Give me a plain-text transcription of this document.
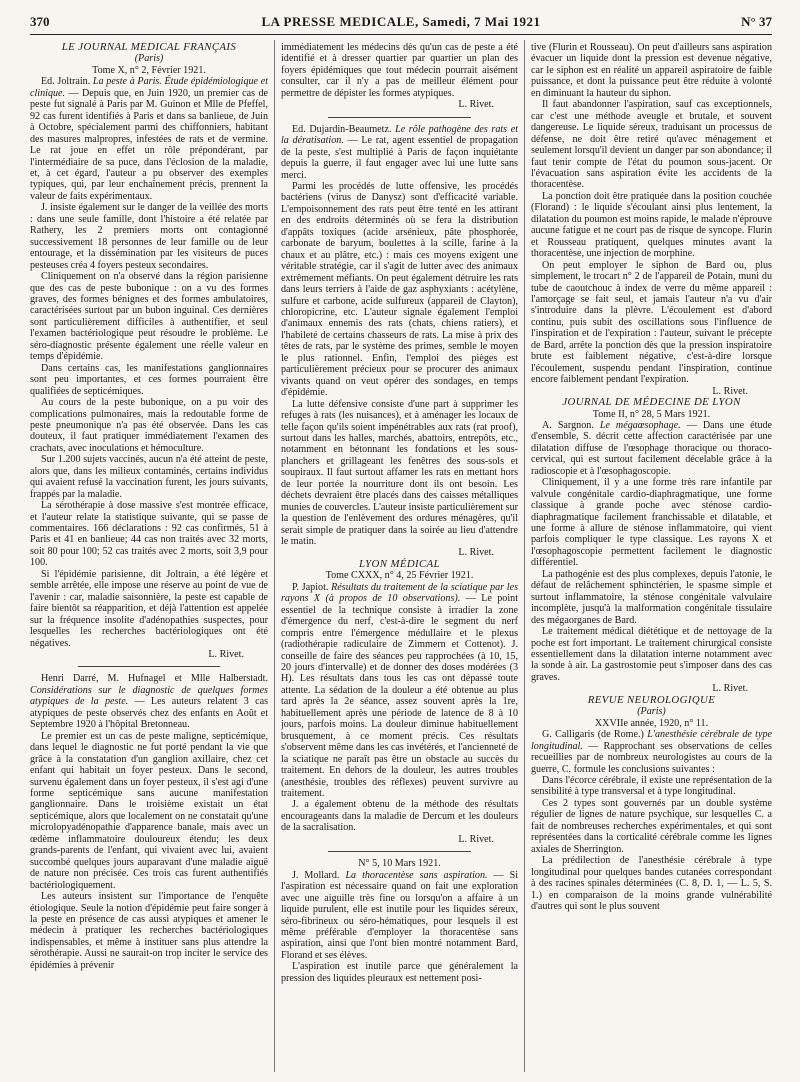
370	LA PRESSE MEDICALE, Samedi, 7 Mai 1921	N° 37

LE JOURNAL MÉDICAL FRANÇAIS

(Paris)

Tome X, n° 2, Février 1921.

Ed. Joltrain. La peste à Paris. Étude épidémiologique et clinique. — Depuis que, en Juin 1920, un premier cas de peste fut signalé à Paris par M. Guinon et Mlle de Pfeffel, 92 cas furent identifiés à Paris et dans sa banlieue, de Juin à Octobre, spécialement parmi des chiffonniers, habitant des masures malpropres, infestées de rats et de vermine. Le rat joue en effet un rôle prépondérant, par l'intermédiaire de sa puce, dans l'éclosion de la maladie, et, à cet égard, l'auteur a pu observer des exemples typiques, qui, par leur enchaînement précis, prennent la valeur de faits expérimentaux.

J. insiste également sur le danger de la veillée des morts : dans une seule famille, dont l'histoire a été relatée par Rathery, les 2 premiers morts ont contagionné successivement 18 personnes de leur famille ou de leur entourage, et la dissémination par les visiteurs de puces pesteuses créa 4 foyers pesteux secondaires.

Cliniquement on n'a observé dans la région parisienne que des cas de peste bubonique : on a vu des formes graves, des formes bénignes et des formes ambulatoires, caractérisées surtout par un bubon inguinal. Ces dernières sont particulièrement difficiles à authentifier, et seul l'examen bactériologique peut résoudre le problème. Le séro-diagnostic présente également une réelle valeur en temps d'épidémie.

Dans certains cas, les manifestations ganglionnaires sont peu importantes, et ces formes pourraient être qualifiées de septicémiques.

Au cours de la peste bubonique, on a pu voir des complications pulmonaires, mais la redoutable forme de peste pneumonique n'a pas été observée. Dans les cas douteux, il faut pratiquer immédiatement l'examen des crachats, avec inoculations et hémoculture.

Sur 1.200 sujets vaccinés, aucun n'a été atteint de peste, alors que, dans les milieux contaminés, certains individus qui avaient refusé la vaccination furent, les jours suivants, frappés par la maladie.

La sérothérapie à dose massive s'est montrée efficace, et l'auteur relate la statistique suivante, qui se passe de commentaires. 166 déclarations : 92 cas confirmés, 51 à Paris et 41 en banlieue; 44 cas non traités avec 32 morts, soit 80 pour 100; 52 cas traités avec 2 morts, soit 3,9 pour 100.

Si l'épidémie parisienne, dit Joltrain, a été légère et semble arrêtée, elle impose une réserve au point de vue de l'avenir : car, maladie saisonnière, la peste est capable de faire bientôt sa réapparition, et déjà l'attention est appelée sur la fréquence insolite d'adénopathies suspectes, pour lesquelles les recherches bactériologiques ont été négatives.

L. Rivet.

Henri Darré, M. Hufnagel et Mlle Halberstadt. Considérations sur le diagnostic de quelques formes atypiques de la peste. — Les auteurs relatent 3 cas atypiques de peste observés chez des enfants en Août et Septembre 1920 à l'hôpital Bretonneau.

Le premier est un cas de peste maligne, septicémique, dans lequel le diagnostic ne fut porté pendant la vie que grâce à la constatation d'un ganglion axillaire, chez cet enfant qui habitait un foyer pesteux. Dans le second, survenu également dans un foyer pesteux, il s'est agi d'une forme septicémique sans aucune manifestation ganglionnaire. Dans le troisième existait un état septicémique, alors que localement on ne constatait qu'une microlopyadénopathie d'apparence banale, mais avec un œdème inflammatoire douloureux étendu; les deux grands-parents de l'enfant, qui vivaient avec lui, avaient succombé quelques jours auparavant d'une maladie aiguë de nature non précisée. Ces trois cas furent authentifiés bactériologiquement.

Les auteurs insistent sur l'importance de l'enquête étiologique. Seule la notion d'épidémie peut faire songer à la peste en présence de cas aussi atypiques et amener le médecin à pratiquer les recherches bactériologiques indispensables, et même à instituer sans plus attendre la sérothérapie. Aussi ne saurait-on trop inciter le service des épidémies à prévenir

immédiatement les médecins dès qu'un cas de peste a été identifié et à dresser quartier par quartier un plan des foyers épidémiques que tout médecin pourrait aisément consulter, car il n'y a pas de meilleur élément pour permettre de dépister les formes atypiques.

L. Rivet.

Ed. Dujardin-Beaumetz. Le rôle pathogène des rats et la dératisation. — Le rat, agent essentiel de propagation de la peste, s'est multiplié à Paris de façon inquiétante depuis la guerre, il faut engager avec lui une lutte sans merci.

Parmi les procédés de lutte offensive, les procédés bactériens (virus de Danysz) sont d'efficacité variable. L'empoisonnement des rats peut être tenté en les attirant en des endroits déterminés où se fera la distribution d'appâts toxiques (acide arsénieux, pâte phosphorée, carbonate de baryum, boulettes à la scille, farine à la chaux et au plâtre, etc.) : mais ces moyens exigent une véritable stratégie, car il s'agit de lutter avec des animaux extrêmement méfiants. On peut également détruire les rats dans leurs terriers à l'aide de gaz asphyxiants : acétylène, sulfure et carbone, acide sulfureux (appareil de Clayton), chloropicrine, etc. L'auteur signale également l'emploi d'animaux ennemis des rats (chats, chiens ratiers), et l'habileté de certains chasseurs de rats. La mise à prix des têtes de rats, par le système des primes, semble le moyen le plus rationnel. Enfin, l'emploi des pièges est particulièrement précieux pour se procurer des animaux vivants quand on veut opérer des sondages, en temps d'épidémie.

La lutte défensive consiste d'une part à supprimer les refuges à rats (les nuisances), et à aménager les locaux de telle façon qu'ils soient impénétrables aux rats (rat proof), surtout dans les halles, marchés, abattoirs, entrepôts, etc., notamment en bétonnant les fondations et les sous-planchers et grillageant les fenêtres des sous-sols et soupiraux. Il faut surtout affamer les rats en mettant hors de leur portée la nourriture dont ils ont besoin. Les déchets devraient être placés dans des caisses métalliques munies de couvercles. L'auteur insiste particulièrement sur la question de l'enlèvement des ordures ménagères, qu'il serait simple de pratiquer dans la soirée au lieu d'attendre le matin.

L. Rivet.

LYON MÉDICAL

Tome CXXX, n° 4, 25 Février 1921.

P. Japiot. Résultats du traitement de la sciatique par les rayons X (à propos de 10 observations). — Le point essentiel de la technique consiste à irradier la zone d'émergence du nerf, c'est-à-dire le segment du nerf compris entre l'émergence médullaire et le plexus (radiothérapie radiculaire de Zimmern et Cottenot). J. conseille de faire des séances peu rapprochées (à 10, 15, 20 jours d'intervalle) et de donner des doses modérées (3 H). Les résultats dans tous les cas ont dépassé toute attente. La sédation de la douleur a été obtenue au plus tard après la 2e séance, assez souvent après la 1re, habituellement après une période de latence de 8 à 10 jours, parfois moins. La douleur diminue habituellement brusquement, à ce moment précis. Ces résultats s'observent même dans les cas invétérés, et l'ancienneté de la sciatique ne paraît pas être un obstacle au succès du traitement. En dehors de la douleur, les autres troubles (anesthésie, troubles des réflexes) peuvent survivre au traitement.

J. a également obtenu de la méthode des résultats encourageants dans la maladie de Dercum et les douleurs de la sacralisation.

L. Rivet.

N° 5, 10 Mars 1921.

J. Mollard. La thoracentèse sans aspiration. — Si l'aspiration est nécessaire quand on fait une exploration avec une aiguille très fine ou lorsqu'on a affaire à un liquide purulent, elle est inutile pour les liquides séreux, séro-fibrineux ou séro-hématiques, pour lesquels il est même préférable d'employer la thoracentèse sans aspiration, ainsi que l'ont bien montré notamment Bard, Florand et ses élèves.

L'aspiration est inutile parce que généralement la pression des liquides pleuraux est nettement posi-

tive (Flurin et Rousseau). On peut d'ailleurs sans aspiration évacuer un liquide dont la pression est devenue négative, car le siphon est en réalité un appareil aspiratoire de faible puissance, et dont la puissance peut être réduite à volonté en diminuant la hauteur du siphon.

Il faut abandonner l'aspiration, sauf cas exceptionnels, car c'est une méthode aveugle et brutale, et souvent dangereuse. Le liquide séreux, traduisant un processus de défense, ne doit être retiré qu'avec ménagement et seulement lorsqu'il devient un danger par son abondance; il faut tenir compte de l'état du poumon sous-jacent. Or l'évacuation sans aspiration évite les accidents de la thoracentèse.

La ponction doit être pratiquée dans la position couchée (Florand) : le liquide s'écoulant ainsi plus lentement, la dilatation du poumon est moins rapide, le malade n'éprouve aucune fatigue et ne court pas de risque de syncope. Flurin et Rousseau pratiquent, quelques minutes avant la thoracentèse, une injection de morphine.

On peut employer le siphon de Bard ou, plus simplement, le trocart n° 2 de l'appareil de Potain, muni du tube de caoutchouc à index de verre du même appareil : l'amorçage se fait seul, et jamais l'auteur n'a vu d'air s'introduire dans la plèvre. L'écoulement est d'abord continu, puis subit des oscillations sous l'influence de l'inspiration et de l'expiration : l'auteur, suivant le précepte de Bard, arrête la ponction dès que la pression inspiratoire brute est faiblement négative, c'est-à-dire lorsque l'écoulement, suspendu pendant l'inspiration, continue encore faiblement pendant l'expiration.

L. Rivet.

JOURNAL DE MÉDECINE DE LYON

Tome II, n° 28, 5 Mars 1921.

A. Sargnon. Le mégaœsophage. — Dans une étude d'ensemble, S. décrit cette affection caractérisée par une dilatation diffuse de l'œsophage thoracique ou thoraco-cervical, qui est surtout facilement décelable grâce à la radioscopie et à l'œsophagoscopie.

Cliniquement, il y a une forme très rare infantile par valvule congénitale cardio-diaphragmatique, une forme classique à grande poche avec sténose cardio-diaphragmatique facilement franchissable et dilatable, et une forme à allure de sténose inflammatoire, qui vient parfois compliquer le type classique. Les rayons X et l'œsophagoscopie permettent facilement le diagnostic différentiel.

La pathogénie est des plus complexes, depuis l'atonie, le défaut de relâchement sphinctérien, le spasme simple et surtout inflammatoire, la sténose congénitale valvulaire incomplète, jusqu'à la malformation congénitale tissulaire des mégaorganes de Bard.

Le traitement médical diététique et de nettoyage de la poche est fort important. Le traitement chirurgical consiste essentiellement dans la dilatation interne notamment avec la sonde à air. La gastrostomie peut s'imposer dans des cas graves.

L. Rivet.

REVUE NEUROLOGIQUE

(Paris)

XXVIIe année, 1920, n° 11.

G. Calligaris (de Rome.) L'anesthésie cérébrale de type longitudinal. — Rapprochant ses observations de celles recueillies par de nombreux neurologistes au cours de la guerre, C. formule les conclusions suivantes :

Dans l'écorce cérébrale, il existe une représentation de la sensibilité à type transversal et à type longitudinal.

Ces 2 types sont gouvernés par un double système régulier de lignes de nature psychique, sur lesquelles C. a fait de nombreuses recherches expérimentales, et qui sont représentées dans la corticalité cérébrale comme les lignes axiales de Sherrington.

La prédilection de l'anesthésie cérébrale à type longitudinal pour quelques bandes cutanées correspondant à des racines spinales déterminées (C. 8, D. 1, — L. 5, S. 1.) en comparaison de la moins grande vulnérabilité d'autres qui sont le plus souvent
